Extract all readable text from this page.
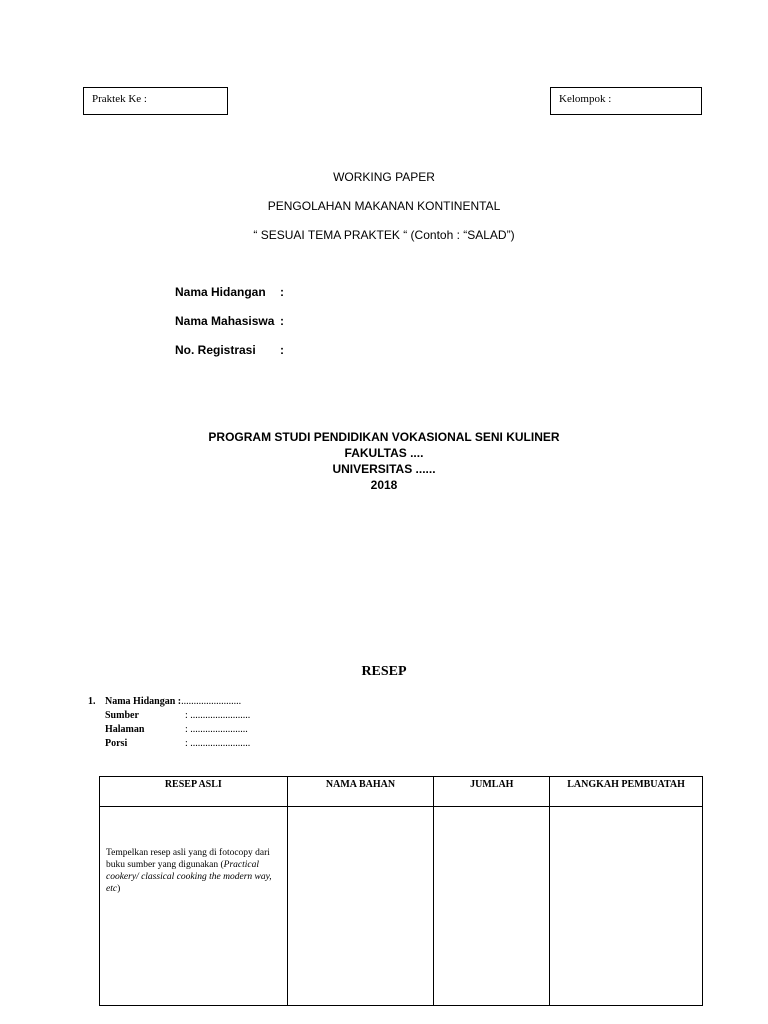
Praktek Ke :	Kelompok :
WORKING PAPER
PENGOLAHAN MAKANAN KONTINENTAL
“ SESUAI TEMA PRAKTEK “ (Contoh : “SALAD”)
Nama Hidangan :
Nama Mahasiswa :
No. Registrasi :
PROGRAM STUDI PENDIDIKAN VOKASIONAL SENI KULINER
FAKULTAS ....
UNIVERSITAS ......
2018
RESEP
1. Nama Hidangan : ........................
Sumber	: ........................
Halaman	: .......................
Porsi	: ........................
RESEP ASLI	NAMA BAHAN	JUMLAH	LANGKAH PEMBUATAH
Tempelkan resep asli yang di fotocopy dari buku sumber yang digunakan (Practical cookery/ classical cooking the modern way, etc)			
